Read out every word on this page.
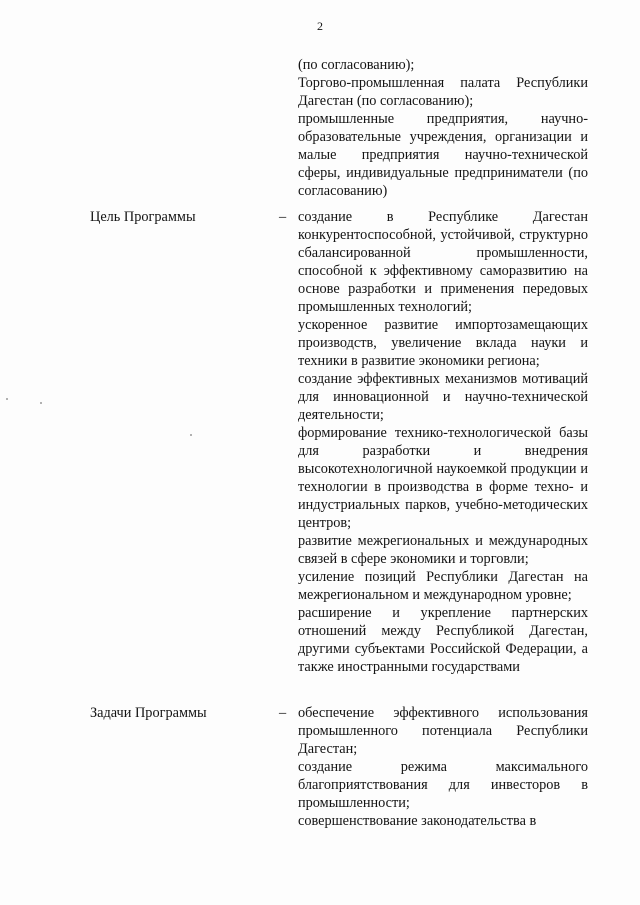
2
(по согласованию);
Торгово-промышленная палата Республики Дагестан (по согласованию);
промышленные предприятия, научно-образовательные учреждения, организации и малые предприятия научно-технической сферы, индивидуальные предприниматели (по согласованию)
Цель Программы	– создание в Республике Дагестан конкурентоспособной, устойчивой, структурно сбалансированной промышленности, способной к эффективному саморазвитию на основе разработки и применения передовых промышленных технологий;
ускоренное развитие импортозамещающих производств, увеличение вклада науки и техники в развитие экономики региона;
создание эффективных механизмов мотиваций для инновационной и научно-технической деятельности;
формирование технико-технологической базы для разработки и внедрения высокотехнологичной наукоемкой продукции и технологии в производства в форме техно- и индустриальных парков, учебно-методических центров;
развитие межрегиональных и международных связей в сфере экономики и торговли;
усиление позиций Республики Дагестан на межрегиональном и международном уровне;
расширение и укрепление партнерских отношений между Республикой Дагестан, другими субъектами Российской Федерации, а также иностранными государствами
Задачи Программы	– обеспечение эффективного использования промышленного потенциала Республики Дагестан;
создание режима максимального благоприятствования для инвесторов в промышленности;
совершенствование законодательства в
